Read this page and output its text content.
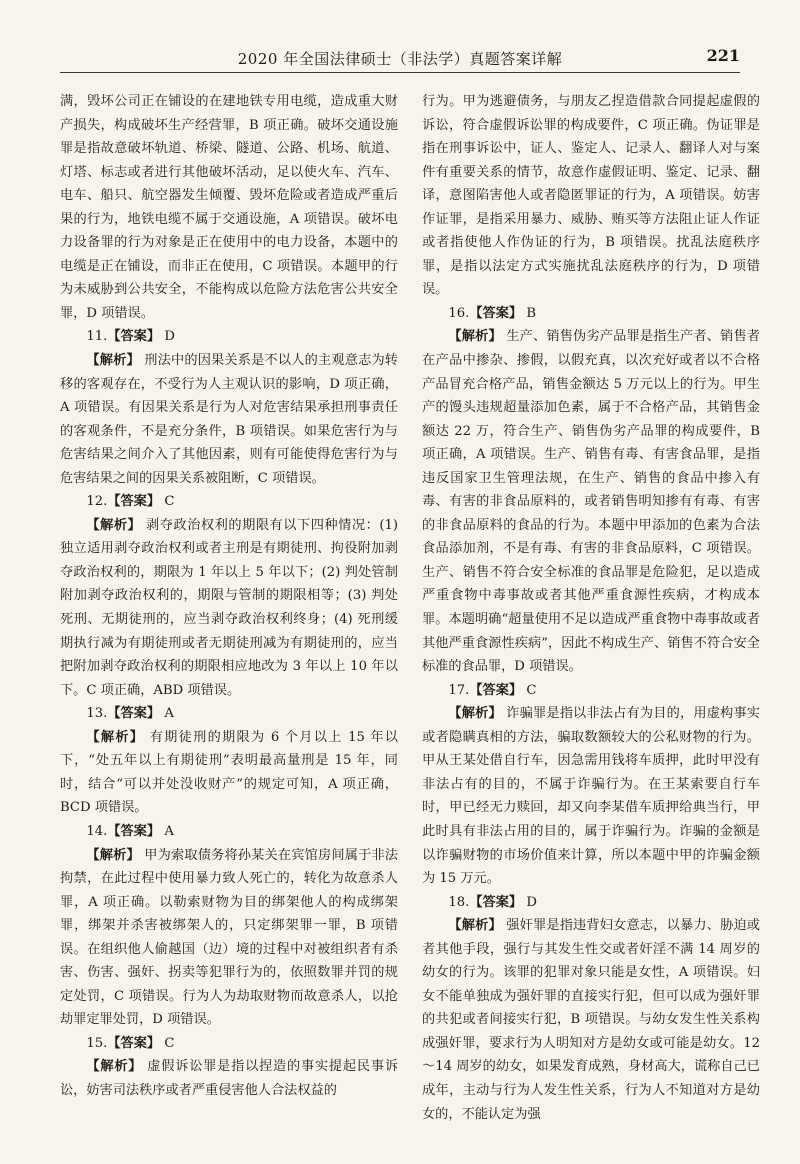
2020 年全国法律硕士（非法学）真题答案详解	221

满，毁坏公司正在铺设的在建地铁专用电缆，造成重大财产损失，构成破坏生产经营罪，B 项正确。破坏交通设施罪是指故意破坏轨道、桥梁、隧道、公路、机场、航道、灯塔、标志或者进行其他破坏活动，足以使火车、汽车、电车、船只、航空器发生倾覆、毁坏危险或者造成严重后果的行为，地铁电缆不属于交通设施，A 项错误。破坏电力设备罪的行为对象是正在使用中的电力设备，本题中的电缆是正在铺设，而非正在使用，C 项错误。本题甲的行为未威胁到公共安全，不能构成以危险方法危害公共安全罪，D 项错误。

11.【答案】 D

【解析】 刑法中的因果关系是不以人的主观意志为转移的客观存在，不受行为人主观认识的影响，D 项正确，A 项错误。有因果关系是行为人对危害结果承担刑事责任的客观条件，不是充分条件，B 项错误。如果危害行为与危害结果之间介入了其他因素，则有可能使得危害行为与危害结果之间的因果关系被阻断，C 项错误。

12.【答案】 C

【解析】 剥夺政治权利的期限有以下四种情况：(1) 独立适用剥夺政治权利或者主刑是有期徒刑、拘役附加剥夺政治权利的，期限为 1 年以上 5 年以下；(2) 判处管制附加剥夺政治权利的，期限与管制的期限相等；(3) 判处死刑、无期徒刑的，应当剥夺政治权利终身；(4) 死刑缓期执行减为有期徒刑或者无期徒刑减为有期徒刑的，应当把附加剥夺政治权利的期限相应地改为 3 年以上 10 年以下。C 项正确，ABD 项错误。

13.【答案】 A

【解析】 有期徒刑的期限为 6 个月以上 15 年以下，“处五年以上有期徒刑”表明最高量刑是 15 年，同时，结合“可以并处没收财产”的规定可知，A 项正确，BCD 项错误。

14.【答案】 A

【解析】 甲为索取债务将孙某关在宾馆房间属于非法拘禁，在此过程中使用暴力致人死亡的，转化为故意杀人罪，A 项正确。以勒索财物为目的绑架他人的构成绑架罪，绑架并杀害被绑架人的，只定绑架罪一罪，B 项错误。在组织他人偷越国（边）境的过程中对被组织者有杀害、伤害、强奸、拐卖等犯罪行为的，依照数罪并罚的规定处罚，C 项错误。行为人为劫取财物而故意杀人，以抢劫罪定罪处罚，D 项错误。

15.【答案】 C

【解析】 虚假诉讼罪是指以捏造的事实提起民事诉讼，妨害司法秩序或者严重侵害他人合法权益的

行为。甲为逃避债务，与朋友乙捏造借款合同提起虚假的诉讼，符合虚假诉讼罪的构成要件，C 项正确。伪证罪是指在刑事诉讼中，证人、鉴定人、记录人、翻译人对与案件有重要关系的情节，故意作虚假证明、鉴定、记录、翻译，意图陷害他人或者隐匿罪证的行为，A 项错误。妨害作证罪，是指采用暴力、威胁、贿买等方法阻止证人作证或者指使他人作伪证的行为，B 项错误。扰乱法庭秩序罪，是指以法定方式实施扰乱法庭秩序的行为，D 项错误。

16.【答案】 B

【解析】 生产、销售伪劣产品罪是指生产者、销售者在产品中掺杂、掺假，以假充真，以次充好或者以不合格产品冒充合格产品，销售金额达 5 万元以上的行为。甲生产的馒头违规超量添加色素，属于不合格产品，其销售金额达 22 万，符合生产、销售伪劣产品罪的构成要件，B 项正确，A 项错误。生产、销售有毒、有害食品罪，是指违反国家卫生管理法规，在生产、销售的食品中掺入有毒、有害的非食品原料的，或者销售明知掺有有毒、有害的非食品原料的食品的行为。本题中甲添加的色素为合法食品添加剂，不是有毒、有害的非食品原料，C 项错误。生产、销售不符合安全标准的食品罪是危险犯，足以造成严重食物中毒事故或者其他严重食源性疾病，才构成本罪。本题明确“超量使用不足以造成严重食物中毒事故或者其他严重食源性疾病”，因此不构成生产、销售不符合安全标准的食品罪，D 项错误。

17.【答案】 C

【解析】 诈骗罪是指以非法占有为目的，用虚构事实或者隐瞒真相的方法，骗取数额较大的公私财物的行为。甲从王某处借自行车，因急需用钱将车质押，此时甲没有非法占有的目的，不属于诈骗行为。在王某索要自行车时，甲已经无力赎回，却又向李某借车质押给典当行，甲此时具有非法占用的目的，属于诈骗行为。诈骗的金额是以诈骗财物的市场价值来计算，所以本题中甲的诈骗金额为 15 万元。

18.【答案】 D

【解析】 强奸罪是指违背妇女意志，以暴力、胁迫或者其他手段，强行与其发生性交或者奸淫不满 14 周岁的幼女的行为。该罪的犯罪对象只能是女性，A 项错误。妇女不能单独成为强奸罪的直接实行犯，但可以成为强奸罪的共犯或者间接实行犯，B 项错误。与幼女发生性关系构成强奸罪，要求行为人明知对方是幼女或可能是幼女。12～14 周岁的幼女，如果发育成熟，身材高大，谎称自己已成年，主动与行为人发生性关系，行为人不知道对方是幼女的，不能认定为强
